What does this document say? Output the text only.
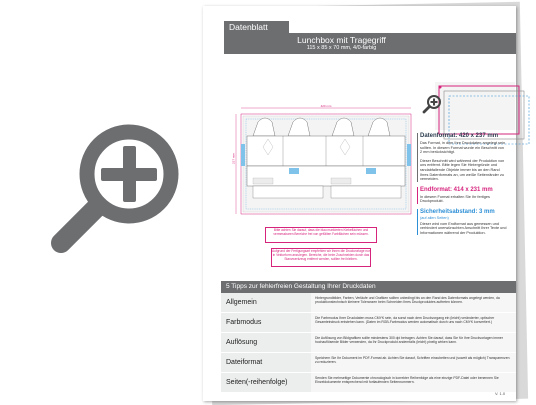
Datenblatt
Lunchbox mit Tragegriff
115 x 85 x 70 mm, 4/0-farbig
420 mm
237 mm
Bitte achten Sie darauf, dass die blau markierten Klebeflächen und vermessbaren Bereiche frei von gefüllten Farbflächen sein müssen.
Aufgrund der Fertigungsart empfehlen wir Ihnen die Druckvorlage nur in Vektorform anzulegen. Bereiche, die beim Zuschneiden durch das Stanzwerkzeug entfernt werden, sollten frei bleiben.

Datenformat: 420 x 237 mm

Das Format, in dem Ihre Druckdaten angelegt sein sollten. In diesem Format wurde ein Beschnitt von 2 mm berücksichtigt.

Dieser Beschnitt wird während der Produktion von uns entfernt. Bitte legen Sie Hintergründe und randabfallende Objekte immer bis an den Rand Ihres Datenformats an, um weiße Seitenränder zu vermeiden.

Endformat: 414 x 231 mm

In diesem Format erhalten Sie Ihr fertiges Druckprodukt.

Sicherheitsabstand: 3 mm

(auf allen Seiten)

Dieser wird vom Endformat aus gemessen und verhindert unerwünschten Anschnitt Ihrer Texte und Informationen während der Produktion.

5 Tipps zur fehlerfreien Gestaltung Ihrer Druckdaten
Allgemein
Hintergrundbilder, Farben, Verläufe und Grafiken sollten unbedingt bis an den Rand des Datenformats angelegt werden, da produktionstechnisch kleinere Toleranzen beim Schneiden Ihres Druckproduktes auftreten können.
Farbmodus
Die Farbmodus Ihrer Druckdaten muss CMYK sein, da sonst nach dem Druckvorgang ein (leicht) veränderter, optischer Gesamteindruck entstehen kann. (Daten im RGB-Farbmodus werden automatisch durch uns nach CMYK konvertiert.)
Auflösung
Die Auflösung von Bildgrafiken sollte mindestens 300 dpi betragen. Achten Sie darauf, dass Sie für Ihre Druckvorlagen immer hochauflösende Bilder verwenden, da Ihr Druckprodukt andernfalls (leicht) pixelig wirken kann.
Dateiformat
Speichern Sie Ihr Dokument im PDF-Format ab. Achten Sie darauf, Schriften einzubetten und (soweit als möglich) Transparenzen zu reduzieren.
Seiten(-reihenfolge)
Senden Sie mehrseitige Dokumente chronologisch in korrekter Reihenfolge als eine einzige PDF-Datei oder benennen Sie Einzeldokumente entsprechend mit fortlaufenden Seitennummern.
V. 1.0
